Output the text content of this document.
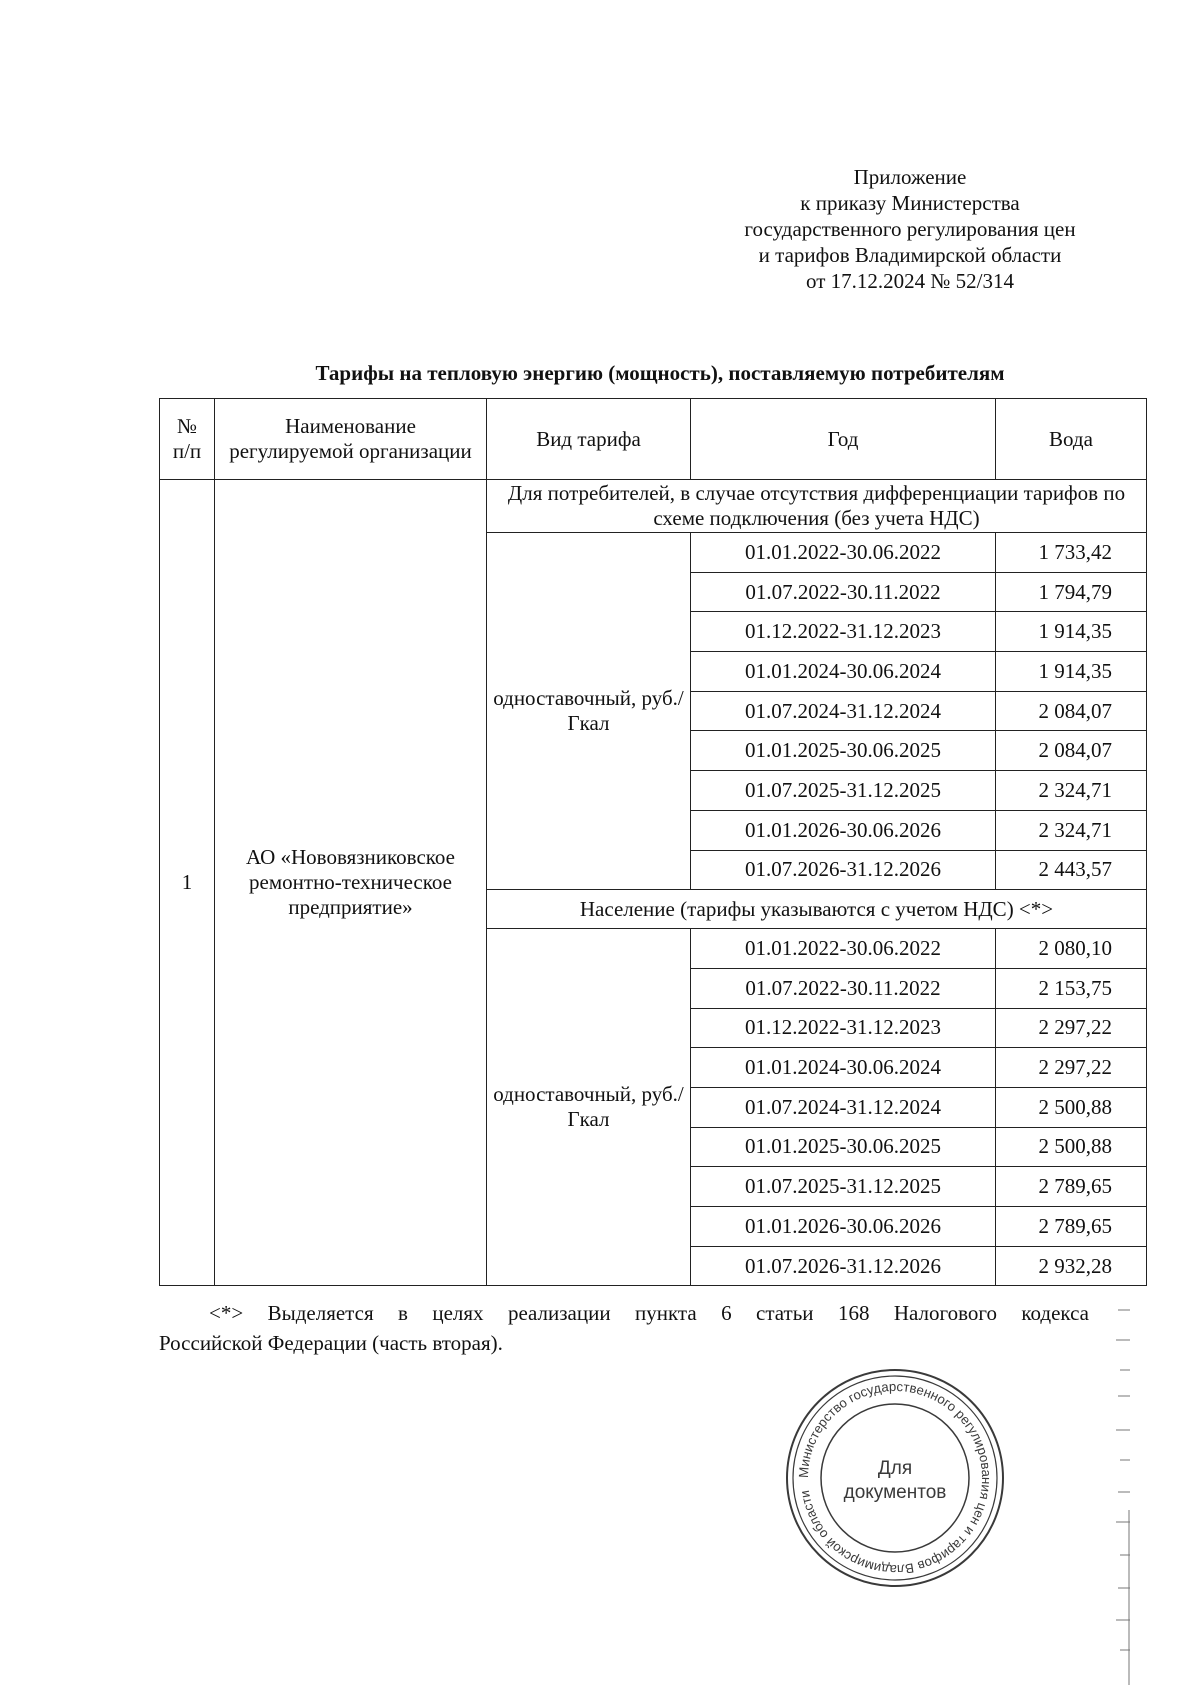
Приложение
к приказу Министерства
государственного регулирования цен
и тарифов Владимирской области
от 17.12.2024 № 52/314
Тарифы на тепловую энергию (мощность), поставляемую потребителям
№ п/п	Наименование регулируемой организации	Вид тарифа	Год	Вода
1	АО «Нововязниковское ремонтно-техническое предприятие»	Для потребителей, в случае отсутствия дифференциации тарифов по схеме подключения (без учета НДС)		
		одноставочный, руб./Гкал	01.01.2022-30.06.2022	1 733,42
			01.07.2022-30.11.2022	1 794,79
			01.12.2022-31.12.2023	1 914,35
			01.01.2024-30.06.2024	1 914,35
			01.07.2024-31.12.2024	2 084,07
			01.01.2025-30.06.2025	2 084,07
			01.07.2025-31.12.2025	2 324,71
			01.01.2026-30.06.2026	2 324,71
			01.07.2026-31.12.2026	2 443,57
		Население (тарифы указываются с учетом НДС) <*>		
		одноставочный, руб./Гкал	01.01.2022-30.06.2022	2 080,10
			01.07.2022-30.11.2022	2 153,75
			01.12.2022-31.12.2023	2 297,22
			01.01.2024-30.06.2024	2 297,22
			01.07.2024-31.12.2024	2 500,88
			01.01.2025-30.06.2025	2 500,88
			01.07.2025-31.12.2025	2 789,65
			01.01.2026-30.06.2026	2 789,65
			01.07.2026-31.12.2026	2 932,28
<*> Выделяется в целях реализации пункта 6 статьи 168 Налогового кодекса
Российской Федерации (часть вторая).
Министерство государственного регулирования цен и тарифов Владимирской области
Для
документов
